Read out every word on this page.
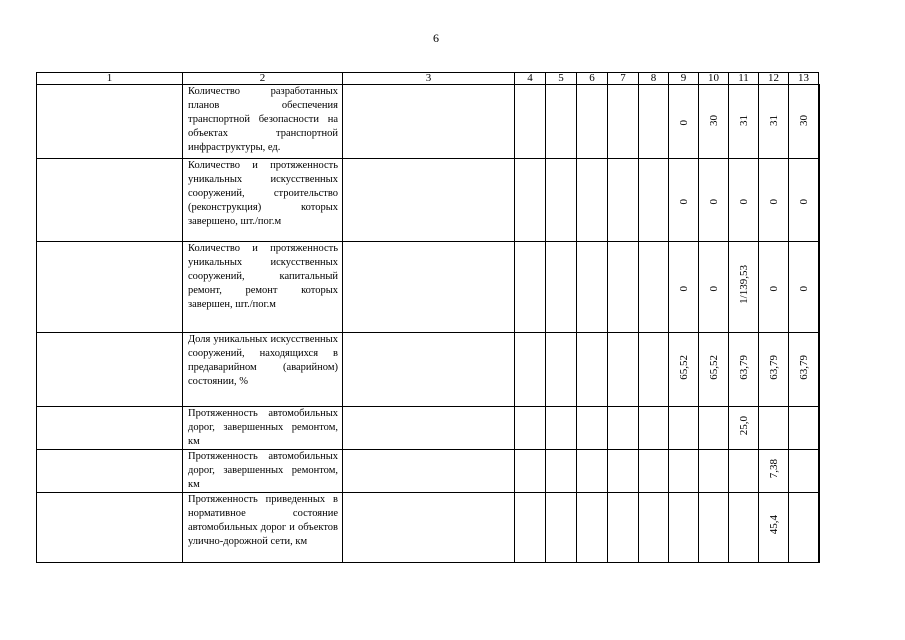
6
1	2	3	4	5	6	7	8	9	10	11	12	13	
	Количество разработанных планов обеспечения транспортной безопасности на объектах транспортной инфраструктуры, ед.							0	30	31	31	30	
	Количество и протяженность уникальных искусственных сооружений, строительство (реконструкция) которых завершено, шт./пог.м							0	0	0	0	0	
	Количество и протяженность уникальных искусственных сооружений, капитальный ремонт, ремонт которых завершен, шт./пог.м							0	0	1/139,53	0	0	
	Доля уникальных искусственных сооружений, находящихся в предаварийном (аварийном) состоянии, %							65,52	65,52	63,79	63,79	63,79	
	Протяженность автомобильных дорог, завершенных ремонтом, км									25,0			
	Протяженность автомобильных дорог, завершенных ремонтом, км										7,38		
	Протяженность приведенных в нормативное состояние автомобильных дорог и объектов улично-дорожной сети, км										45,4		
